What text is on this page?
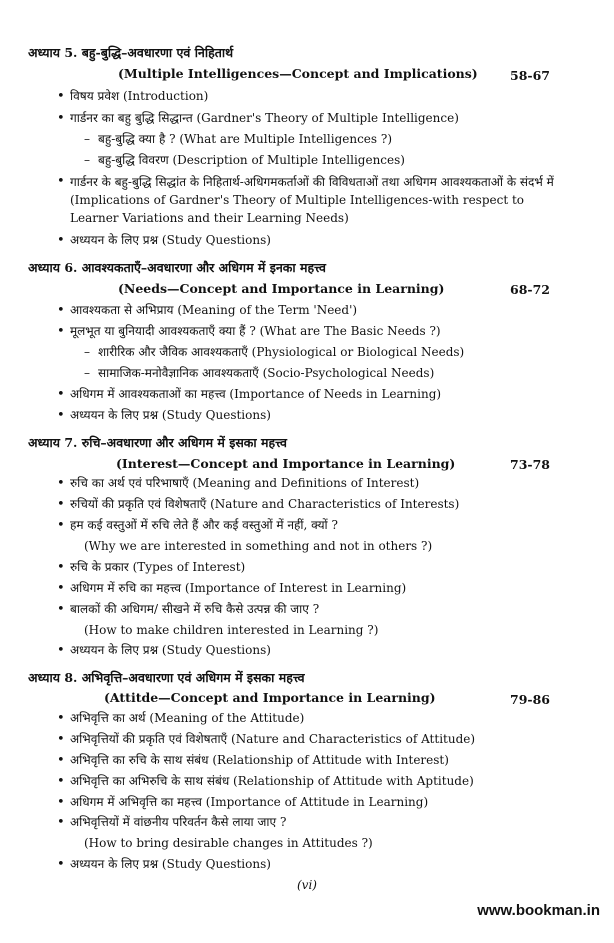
अध्याय 5. बहु-बुद्धि–अवधारणा एवं निहितार्थ
(Multiple Intelligences—Concept and Implications)	58-67
• विषय प्रवेश (Introduction)
• गार्डनर का बहु बुद्धि सिद्धान्त (Gardner's Theory of Multiple Intelligence)
– बहु-बुद्धि क्या है ? (What are Multiple Intelligences ?)
– बहु-बुद्धि विवरण (Description of Multiple Intelligences)
• गार्डनर के बहु-बुद्धि सिद्धांत के निहितार्थ-अधिगमकर्ताओं की विविधताओं तथा अधिगम आवश्यकताओं के संदर्भ में (Implications of Gardner's Theory of Multiple Intelligences-with respect to Learner Variations and their Learning Needs)
• अध्ययन के लिए प्रश्न (Study Questions)
अध्याय 6. आवश्यकताएँ–अवधारणा और अधिगम में इनका महत्त्व
(Needs—Concept and Importance in Learning)	68-72
• आवश्यकता से अभिप्राय (Meaning of the Term 'Need')
• मूलभूत या बुनियादी आवश्यकताएँ क्या हैं ? (What are The Basic Needs ?)
– शारीरिक और जैविक आवश्यकताएँ (Physiological or Biological Needs)
– सामाजिक-मनोवैज्ञानिक आवश्यकताएँ (Socio-Psychological Needs)
• अधिगम में आवश्यकताओं का महत्त्व (Importance of Needs in Learning)
• अध्ययन के लिए प्रश्न (Study Questions)
अध्याय 7. रुचि–अवधारणा और अधिगम में इसका महत्त्व
(Interest—Concept and Importance in Learning)	73-78
• रुचि का अर्थ एवं परिभाषाएँ (Meaning and Definitions of Interest)
• रुचियों की प्रकृति एवं विशेषताएँ (Nature and Characteristics of Interests)
• हम कई वस्तुओं में रुचि लेते हैं और कई वस्तुओं में नहीं, क्यों ?
(Why we are interested in something and not in others ?)
• रुचि के प्रकार (Types of Interest)
• अधिगम में रुचि का महत्त्व (Importance of Interest in Learning)
• बालकों की अधिगम/ सीखने में रुचि कैसे उत्पन्न की जाए ?
(How to make children interested in Learning ?)
• अध्ययन के लिए प्रश्न (Study Questions)
अध्याय 8. अभिवृत्ति–अवधारणा एवं अधिगम में इसका महत्त्व
(Attitde—Concept and Importance in Learning)	79-86
• अभिवृत्ति का अर्थ (Meaning of the Attitude)
• अभिवृत्तियों की प्रकृति एवं विशेषताएँ (Nature and Characteristics of Attitude)
• अभिवृत्ति का रुचि के साथ संबंध (Relationship of Attitude with Interest)
• अभिवृत्ति का अभिरुचि के साथ संबंध (Relationship of Attitude with Aptitude)
• अधिगम में अभिवृत्ति का महत्त्व (Importance of Attitude in Learning)
• अभिवृत्तियों में वांछनीय परिवर्तन कैसे लाया जाए ?
(How to bring desirable changes in Attitudes ?)
• अध्ययन के लिए प्रश्न (Study Questions)
(vi)
www.bookman.in
